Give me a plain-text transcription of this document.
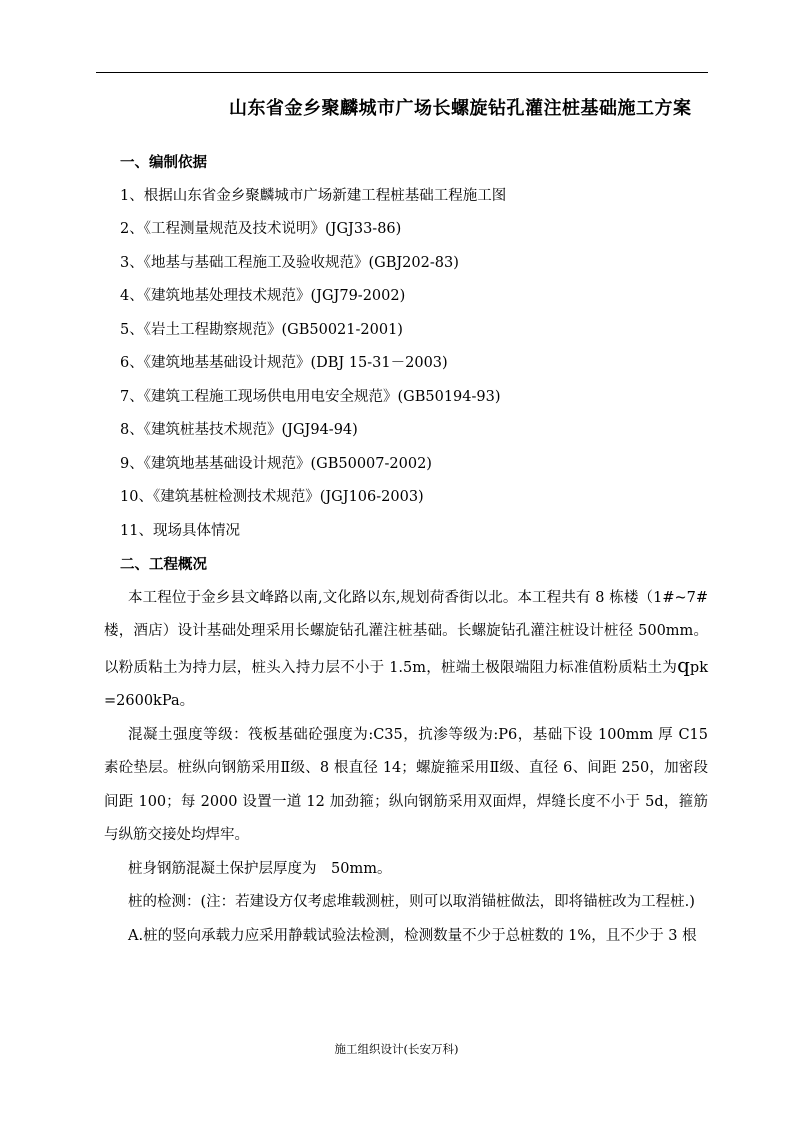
山东省金乡聚麟城市广场长螺旋钻孔灌注桩基础施工方案
一、编制依据
1、根据山东省金乡聚麟城市广场新建工程桩基础工程施工图
2、《工程测量规范及技术说明》(JGJ33-86)
3、《地基与基础工程施工及验收规范》(GBJ202-83)
4、《建筑地基处理技术规范》(JGJ79-2002)
5、《岩土工程勘察规范》(GB50021-2001)
6、《建筑地基基础设计规范》(DBJ 15-31－2003)
7、《建筑工程施工现场供电用电安全规范》(GB50194-93)
8、《建筑桩基技术规范》(JGJ94-94)
9、《建筑地基基础设计规范》(GB50007-2002)
10、《建筑基桩检测技术规范》(JGJ106-2003)
11、现场具体情况
二、工程概况
本工程位于金乡县文峰路以南,文化路以东,规划荷香街以北。本工程共有 8 栋楼（1#~7#楼，酒店）设计基础处理采用长螺旋钻孔灌注桩基础。长螺旋钻孔灌注桩设计桩径 500mm。以粉质粘土为持力层，桩头入持力层不小于 1.5m，桩端土极限端阻力标准值粉质粘土为qpk　=2600kPa。
混凝土强度等级：筏板基础砼强度为:C35，抗渗等级为:P6，基础下设 100mm 厚 C15 素砼垫层。桩纵向钢筋采用Ⅱ级、8 根直径 14；螺旋箍采用Ⅱ级、直径 6、间距 250，加密段间距 100；每 2000 设置一道 12 加劲箍；纵向钢筋采用双面焊，焊缝长度不小于 5d，箍筋与纵筋交接处均焊牢。
桩身钢筋混凝土保护层厚度为　50mm。
桩的检测：(注：若建设方仅考虑堆载测桩，则可以取消锚桩做法，即将锚桩改为工程桩.)
A.桩的竖向承载力应采用静载试验法检测，检测数量不少于总桩数的 1%，且不少于 3 根
施工组织设计(长安万科)
